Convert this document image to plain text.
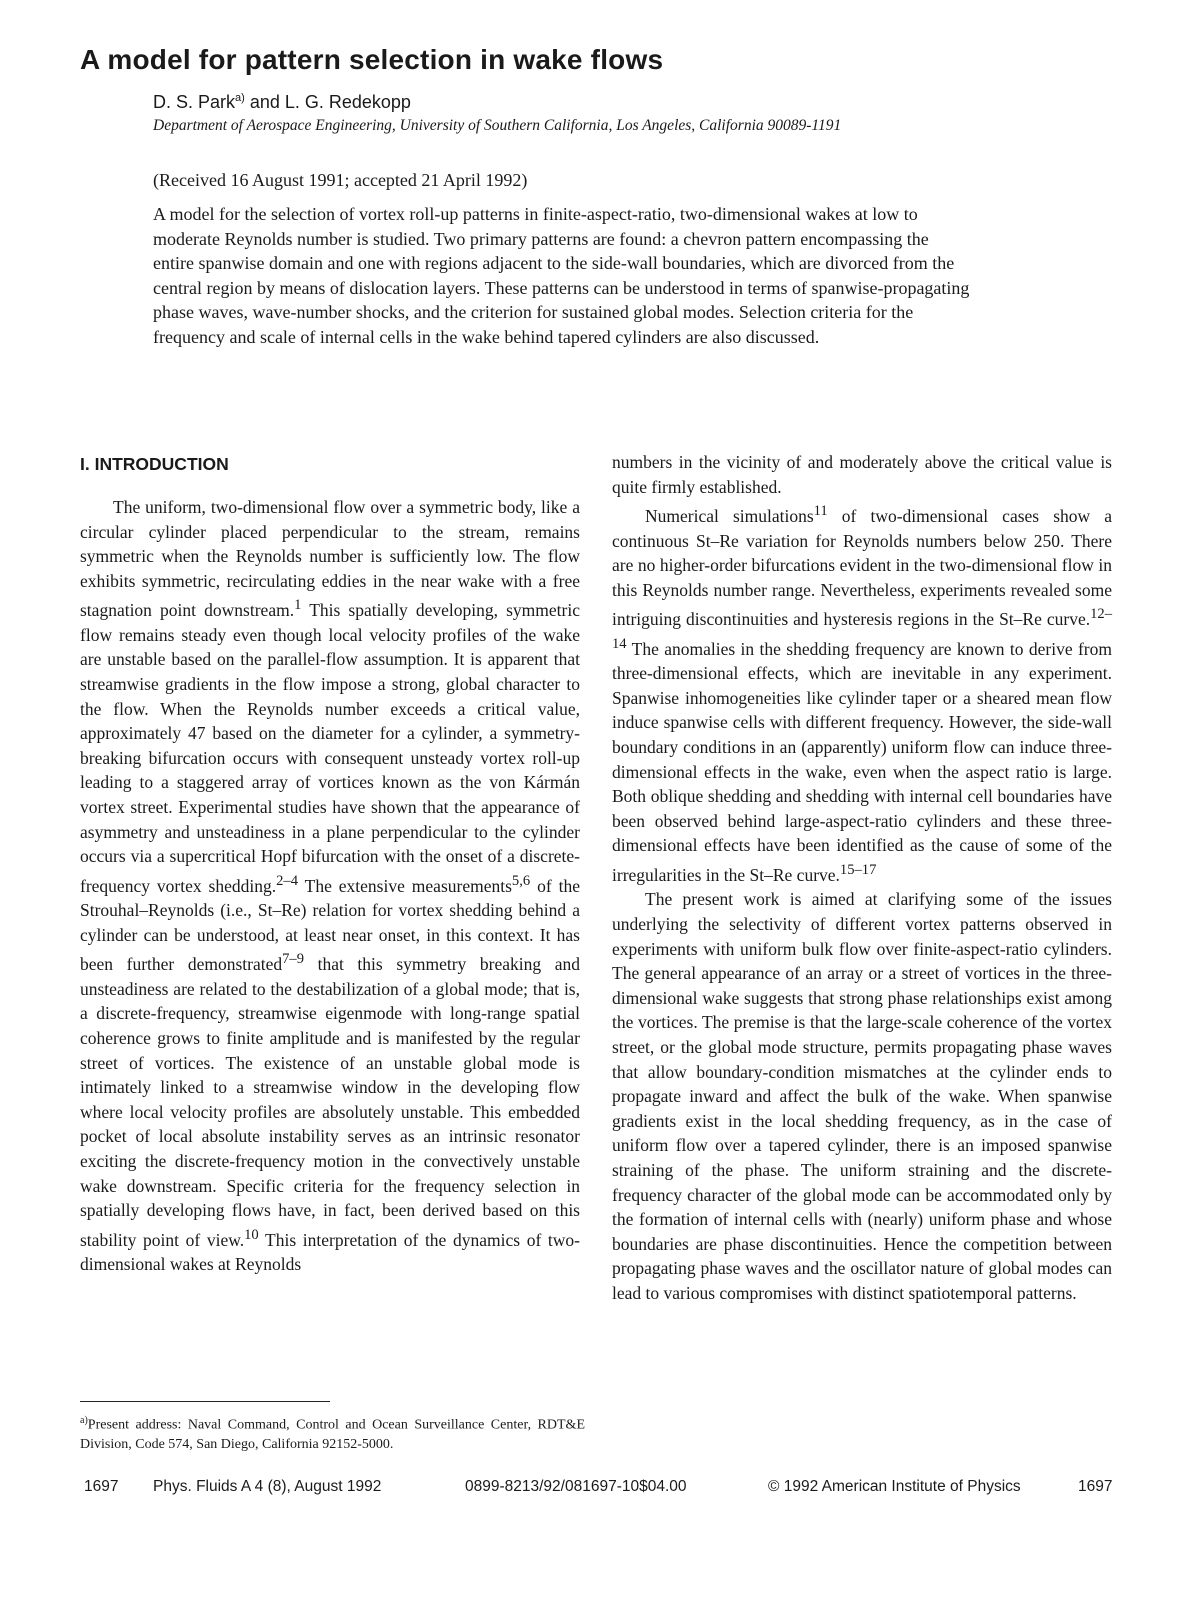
A model for pattern selection in wake flows
D. S. Park$^{a)}$ and L. G. Redekopp
Department of Aerospace Engineering, University of Southern California, Los Angeles, California 90089-1191
(Received 16 August 1991; accepted 21 April 1992)
A model for the selection of vortex roll-up patterns in finite-aspect-ratio, two-dimensional wakes at low to moderate Reynolds number is studied. Two primary patterns are found: a chevron pattern encompassing the entire spanwise domain and one with regions adjacent to the side-wall boundaries, which are divorced from the central region by means of dislocation layers. These patterns can be understood in terms of spanwise-propagating phase waves, wave-number shocks, and the criterion for sustained global modes. Selection criteria for the frequency and scale of internal cells in the wake behind tapered cylinders are also discussed.
I. INTRODUCTION

The uniform, two-dimensional flow over a symmetric body, like a circular cylinder placed perpendicular to the stream, remains symmetric when the Reynolds number is sufficiently low. The flow exhibits symmetric, recirculating eddies in the near wake with a free stagnation point downstream.$^1$ This spatially developing, symmetric flow remains steady even though local velocity profiles of the wake are unstable based on the parallel-flow assumption. It is apparent that streamwise gradients in the flow impose a strong, global character to the flow. When the Reynolds number exceeds a critical value, approximately 47 based on the diameter for a cylinder, a symmetry-breaking bifurcation occurs with consequent unsteady vortex roll-up leading to a staggered array of vortices known as the von Kármán vortex street. Experimental studies have shown that the appearance of asymmetry and unsteadiness in a plane perpendicular to the cylinder occurs via a supercritical Hopf bifurcation with the onset of a discrete-frequency vortex shedding.$^{2-4}$ The extensive measurements$^{5,6}$ of the Strouhal–Reynolds (i.e., St–Re) relation for vortex shedding behind a cylinder can be understood, at least near onset, in this context. It has been further demonstrated$^{7-9}$ that this symmetry breaking and unsteadiness are related to the destabilization of a global mode; that is, a discrete-frequency, streamwise eigenmode with long-range spatial coherence grows to finite amplitude and is manifested by the regular street of vortices. The existence of an unstable global mode is intimately linked to a streamwise window in the developing flow where local velocity profiles are absolutely unstable. This embedded pocket of local absolute instability serves as an intrinsic resonator exciting the discrete-frequency motion in the convectively unstable wake downstream. Specific criteria for the frequency selection in spatially developing flows have, in fact, been derived based on this stability point of view.$^{10}$ This interpretation of the dynamics of two-dimensional wakes at Reynolds

numbers in the vicinity of and moderately above the critical value is quite firmly established.

Numerical simulations$^{11}$ of two-dimensional cases show a continuous St–Re variation for Reynolds numbers below 250. There are no higher-order bifurcations evident in the two-dimensional flow in this Reynolds number range. Nevertheless, experiments revealed some intriguing discontinuities and hysteresis regions in the St–Re curve.$^{12-14}$ The anomalies in the shedding frequency are known to derive from three-dimensional effects, which are inevitable in any experiment. Spanwise inhomogeneities like cylinder taper or a sheared mean flow induce spanwise cells with different frequency. However, the side-wall boundary conditions in an (apparently) uniform flow can induce three-dimensional effects in the wake, even when the aspect ratio is large. Both oblique shedding and shedding with internal cell boundaries have been observed behind large-aspect-ratio cylinders and these three-dimensional effects have been identified as the cause of some of the irregularities in the St–Re curve.$^{15-17}$

The present work is aimed at clarifying some of the issues underlying the selectivity of different vortex patterns observed in experiments with uniform bulk flow over finite-aspect-ratio cylinders. The general appearance of an array or a street of vortices in the three-dimensional wake suggests that strong phase relationships exist among the vortices. The premise is that the large-scale coherence of the vortex street, or the global mode structure, permits propagating phase waves that allow boundary-condition mismatches at the cylinder ends to propagate inward and affect the bulk of the wake. When spanwise gradients exist in the local shedding frequency, as in the case of uniform flow over a tapered cylinder, there is an imposed spanwise straining of the phase. The uniform straining and the discrete-frequency character of the global mode can be accommodated only by the formation of internal cells with (nearly) uniform phase and whose boundaries are phase discontinuities. Hence the competition between propagating phase waves and the oscillator nature of global modes can lead to various compromises with distinct spatiotemporal patterns.

$^{a)}$Present address: Naval Command, Control and Ocean Surveillance Center, RDT&E Division, Code 574, San Diego, California 92152-5000.
1697 Phys. Fluids A 4 (8), August 1992	0899-8213/92/081697-10$04.00	© 1992 American Institute of Physics	1697
